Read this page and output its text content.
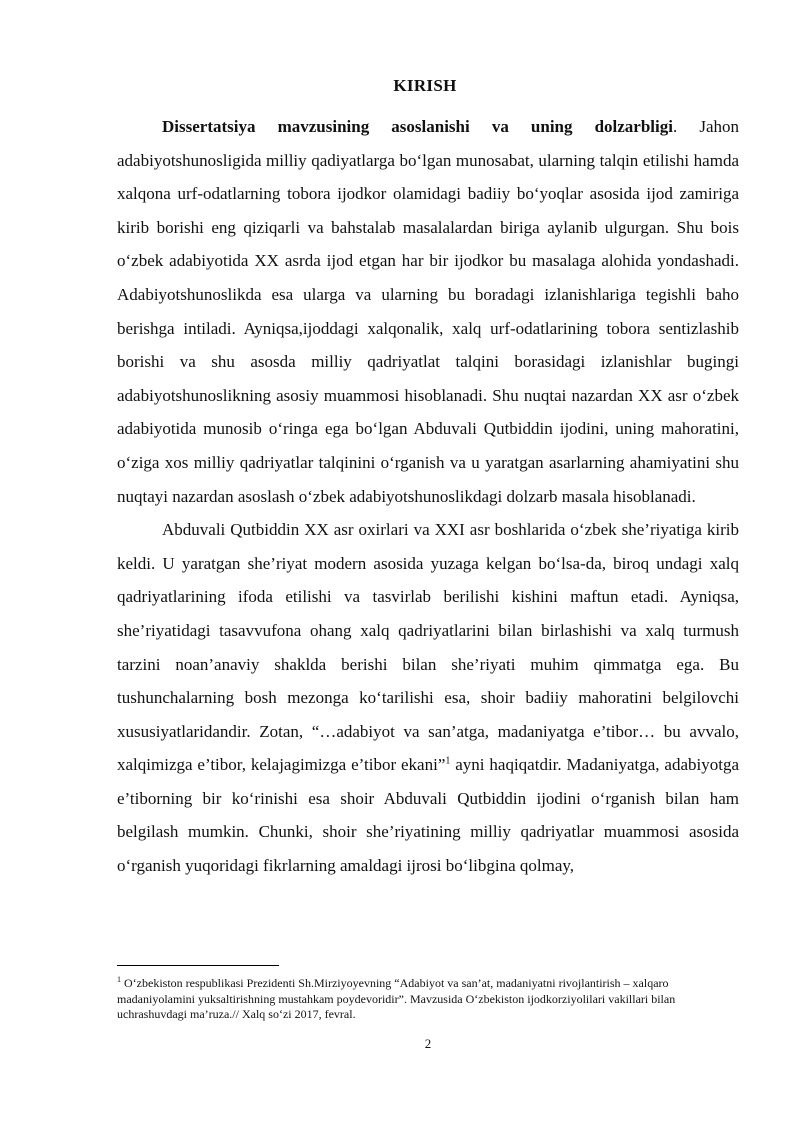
KIRISH

Dissertatsiya mavzusining asoslanishi va uning dolzarbligi. Jahon adabiyotshunosligida milliy qadiyatlarga bo‘lgan munosabat, ularning talqin etilishi hamda xalqona urf-odatlarning tobora ijodkor olamidagi badiiy bo‘yoqlar asosida ijod zamiriga kirib borishi eng qiziqarli va bahstalab masalalardan biriga aylanib ulgurgan. Shu bois o‘zbek adabiyotida XX asrda ijod etgan har bir ijodkor bu masalaga alohida yondashadi. Adabiyotshunoslikda esa ularga va ularning bu boradagi izlanishlariga tegishli baho berishga intiladi. Ayniqsa,ijoddagi xalqonalik, xalq urf-odatlarining tobora sentizlashib borishi va shu asosda milliy qadriyatlat talqini borasidagi izlanishlar bugingi adabiyotshunoslikning asosiy muammosi hisoblanadi. Shu nuqtai nazardan XX asr o‘zbek adabiyotida munosib o‘ringa ega bo‘lgan Abduvali Qutbiddin ijodini, uning mahoratini, o‘ziga xos milliy qadriyatlar talqinini o‘rganish va u yaratgan asarlarning ahamiyatini shu nuqtayi nazardan asoslash o‘zbek adabiyotshunoslikdagi dolzarb masala hisoblanadi.

Abduvali Qutbiddin XX asr oxirlari va XXI asr boshlarida o‘zbek she’riyatiga kirib keldi. U yaratgan she’riyat modern asosida yuzaga kelgan bo‘lsa-da, biroq undagi xalq qadriyatlarining ifoda etilishi va tasvirlab berilishi kishini maftun etadi. Ayniqsa, she’riyatidagi tasavvufona ohang xalq qadriyatlarini bilan birlashishi va xalq turmush tarzini noan’anaviy shaklda berishi bilan she’riyati muhim qimmatga ega. Bu tushunchalarning bosh mezonga ko‘tarilishi esa, shoir badiiy mahoratini belgilovchi xususiyatlaridandir. Zotan, “…adabiyot va san’atga, madaniyatga e’tibor… bu avvalo, xalqimizga e’tibor, kelajagimizga e’tibor ekani”$^1$ ayni haqiqatdir. Madaniyatga, adabiyotga e’tiborning bir ko‘rinishi esa shoir Abduvali Qutbiddin ijodini o‘rganish bilan ham belgilash mumkin. Chunki, shoir she’riyatining milliy qadriyatlar muammosi asosida o‘rganish yuqoridagi fikrlarning amaldagi ijrosi bo‘libgina qolmay,

$^1$ O‘zbekiston respublikasi Prezidenti Sh.Mirziyoyevning “Adabiyot va san’at, madaniyatni rivojlantirish – xalqaro madaniyolamini yuksaltirishning mustahkam poydevoridir”. Mavzusida O‘zbekiston ijodkorziyolilari vakillari bilan uchrashuvdagi ma’ruza.// Xalq so‘zi 2017, fevral.
2
